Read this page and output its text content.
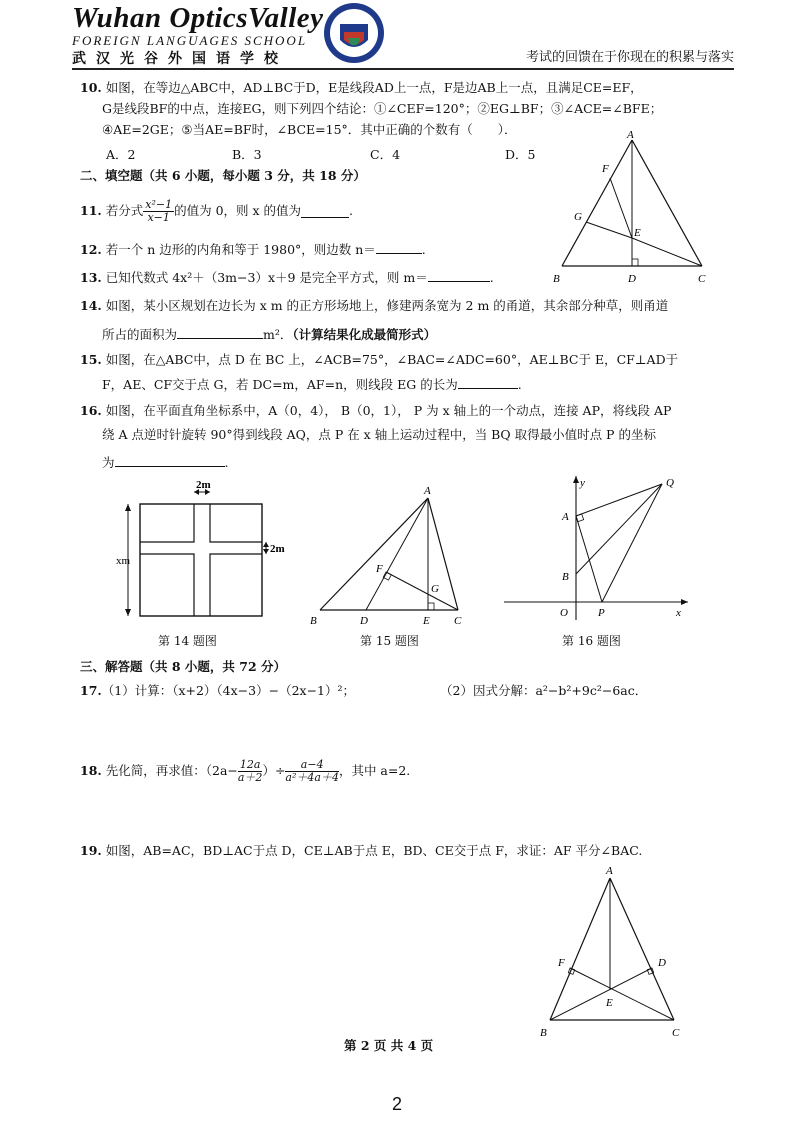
Wuhan OpticsValley
FOREIGN LANGUAGES SCHOOL
武汉光谷外国语学校
WOFLS
考试的回馈在于你现在的积累与落实
10. 如图，在等边△ABC中，AD⊥BC于D，E是线段AD上一点，F是边AB上一点，且满足CE=EF，
G是线段BF的中点，连接EG，则下列四个结论：①∠CEF=120°；②EG⊥BF；③∠ACE=∠BFE；
④AE=2GE；⑤当AE=BF时，∠BCE=15°．其中正确的个数有（　　）．
A．2	B．3	C．4	D．5
A
B	C
D
E
F
G
二、填空题（共 6 小题，每小题 3 分，共 18 分）
11.
若分式 $\frac{\text{x²−1}}{x-1}$ 的值为 0，则 x 的值为	.
12. 若一个 n 边形的内角和等于 1980°，则边数 n＝	.
13. 已知代数式 4x²＋（3m−3）x＋9 是完全平方式，则 m＝	.
14. 如图，某小区规划在边长为 x m 的正方形场地上，修建两条宽为 2 m 的甬道，其余部分种草，则甬道
所占的面积为	m²．（计算结果化成最简形式）
15. 如图，在△ABC中，点 D 在 BC 上，∠ACB=75°，∠BAC=∠ADC=60°，AE⊥BC于 E，CF⊥AD于
F，AE、CF交于点 G，若 DC=m，AF=n，则线段 EG 的长为	.
16. 如图，在平面直角坐标系中，A（0，4）， B（0，1）， P 为 x 轴上的一个动点，连接 AP，将线段 AP
绕 A 点逆时针旋转 90°得到线段 AQ，点 P 在 x 轴上运动过程中，当 BQ 取得最小值时点 P 的坐标
为	.
2m
2m
xm
第 14 题图
A
B	C
D	E
F
G
第 15 题图
y	Q
A
B
O	P	x
第 16 题图
三、解答题（共 8 小题，共 72 分）
17.（1）计算：（x+2）（4x−3）−（2x−1）²；	（2）因式分解：a²−b²+9c²−6ac．
18.
先化简，再求值：（$2a- \frac{12a}{a+2}$ ）÷ $\frac{a-4}{\text{a²＋4a＋4}}$ ，其中 a=2.
19. 如图，AB=AC，BD⊥AC于点 D，CE⊥AB于点 E，BD、CE交于点 F，求证：AF 平分∠BAC.
A
B	C
D
E
F
第 2 页 共 4 页
2
